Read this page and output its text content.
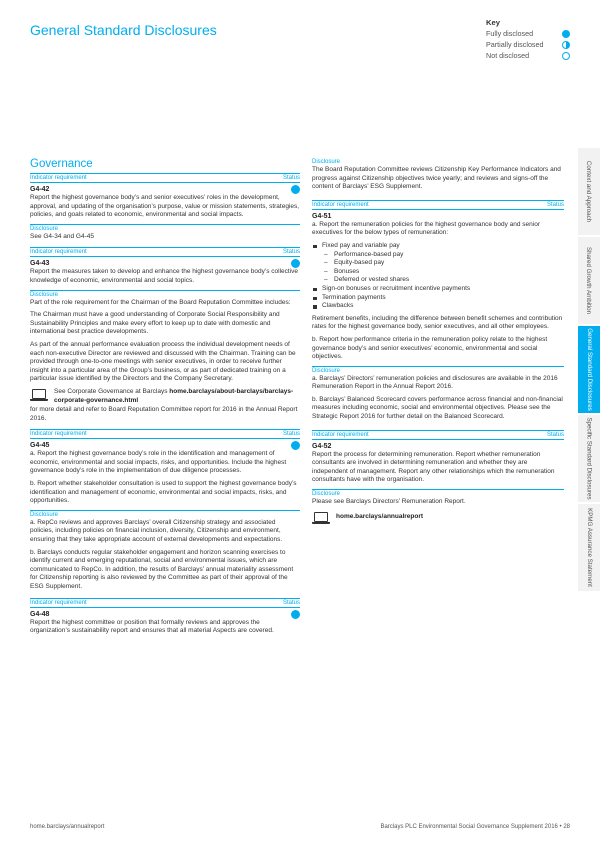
General Standard Disclosures	Key
Fully disclosed
Partially disclosed
Not disclosed
Governance
Indicator requirement	Status
G4-42

Report the highest governance body’s and senior executives’ roles in the development, approval, and updating of the organisation’s purpose, value or mission statements, strategies, policies, and goals related to economic, environmental and social impacts.

Disclosure

See G4-34 and G4-45

Indicator requirement	Status
G4-43

Report the measures taken to develop and enhance the highest governance body’s collective knowledge of economic, environmental and social topics.

Disclosure

Part of the role requirement for the Chairman of the Board Reputation Committee includes:

The Chairman must have a good understanding of Corporate Social Responsibility and Sustainability Principles and make every effort to keep up to date with domestic and international best practice developments.

As part of the annual performance evaluation process the individual development needs of each non-executive Director are reviewed and discussed with the Chairman. Training can be provided through one-to-one meetings with senior executives, in order to receive further insight into a particular area of the Group’s business, or as part of dedicated training on a particular issue identified by the Directors and the Company Secretary.

See Corporate Governance at Barclays home.barclays/about-barclays/barclays-corporate-governance.html

for more detail and refer to Board Reputation Committee report for 2016 in the Annual Report 2016.

Indicator requirement	Status
G4-45

a. Report the highest governance body’s role in the identification and management of economic, environmental and social impacts, risks, and opportunities. Include the highest governance body’s role in the implementation of due diligence processes.

b. Report whether stakeholder consultation is used to support the highest governance body’s identification and management of economic, environmental and social impacts, risks, and opportunities.

Disclosure

a. RepCo reviews and approves Barclays’ overall Citizenship strategy and associated policies, including policies on financial inclusion, diversity, Citizenship and environment, ensuring that they take appropriate account of external developments and expectations.

b. Barclays conducts regular stakeholder engagement and horizon scanning exercises to identify current and emerging reputational, social and environmental issues, which are communicated to RepCo. In addition, the results of Barclays’ annual materiality assessment for Citizenship reporting is also reviewed by the Committee as part of their approval of the ESG Supplement.

Indicator requirement	Status
G4-48

Report the highest committee or position that formally reviews and approves the organization’s sustainability report and ensures that all material Aspects are covered.

Disclosure

The Board Reputation Committee reviews Citizenship Key Performance Indicators and progress against Citizenship objectives twice yearly; and reviews and signs-off the content of Barclays’ ESG Supplement.

Indicator requirement	Status
G4-51

a. Report the remuneration policies for the highest governance body and senior executives for the below types of remuneration:

Fixed pay and variable pay
– Performance-based pay
– Equity-based pay
– Bonuses
– Deferred or vested shares
Sign-on bonuses or recruitment incentive payments
Termination payments
Clawbacks

Retirement benefits, including the difference between benefit schemes and contribution rates for the highest governance body, senior executives, and all other employees.

b. Report how performance criteria in the remuneration policy relate to the highest governance body’s and senior executives’ economic, environmental and social objectives.

Disclosure

a. Barclays’ Directors’ remuneration policies and disclosures are available in the 2016 Remuneration Report in the Annual Report 2016.

b. Barclays’ Balanced Scorecard covers performance across financial and non-financial measures including economic, social and environmental objectives. Please see the Strategic Report 2016 for further detail on the Balanced Scorecard.

Indicator requirement	Status
G4-52

Report the process for determining remuneration. Report whether remuneration consultants are involved in determining remuneration and whether they are independent of management. Report any other relationships which the remuneration consultants have with the organisation.

Disclosure

Please see Barclays Directors’ Remuneration Report.

home.barclays/annualreport
Context and Approach
Shared Growth Ambition
General Standard Disclosures
Specific Standard Disclosures
KPMG Assurance Statement
home.barclays/annualreport	Barclays PLC Environmental Social Governance Supplement 2016 • 28
